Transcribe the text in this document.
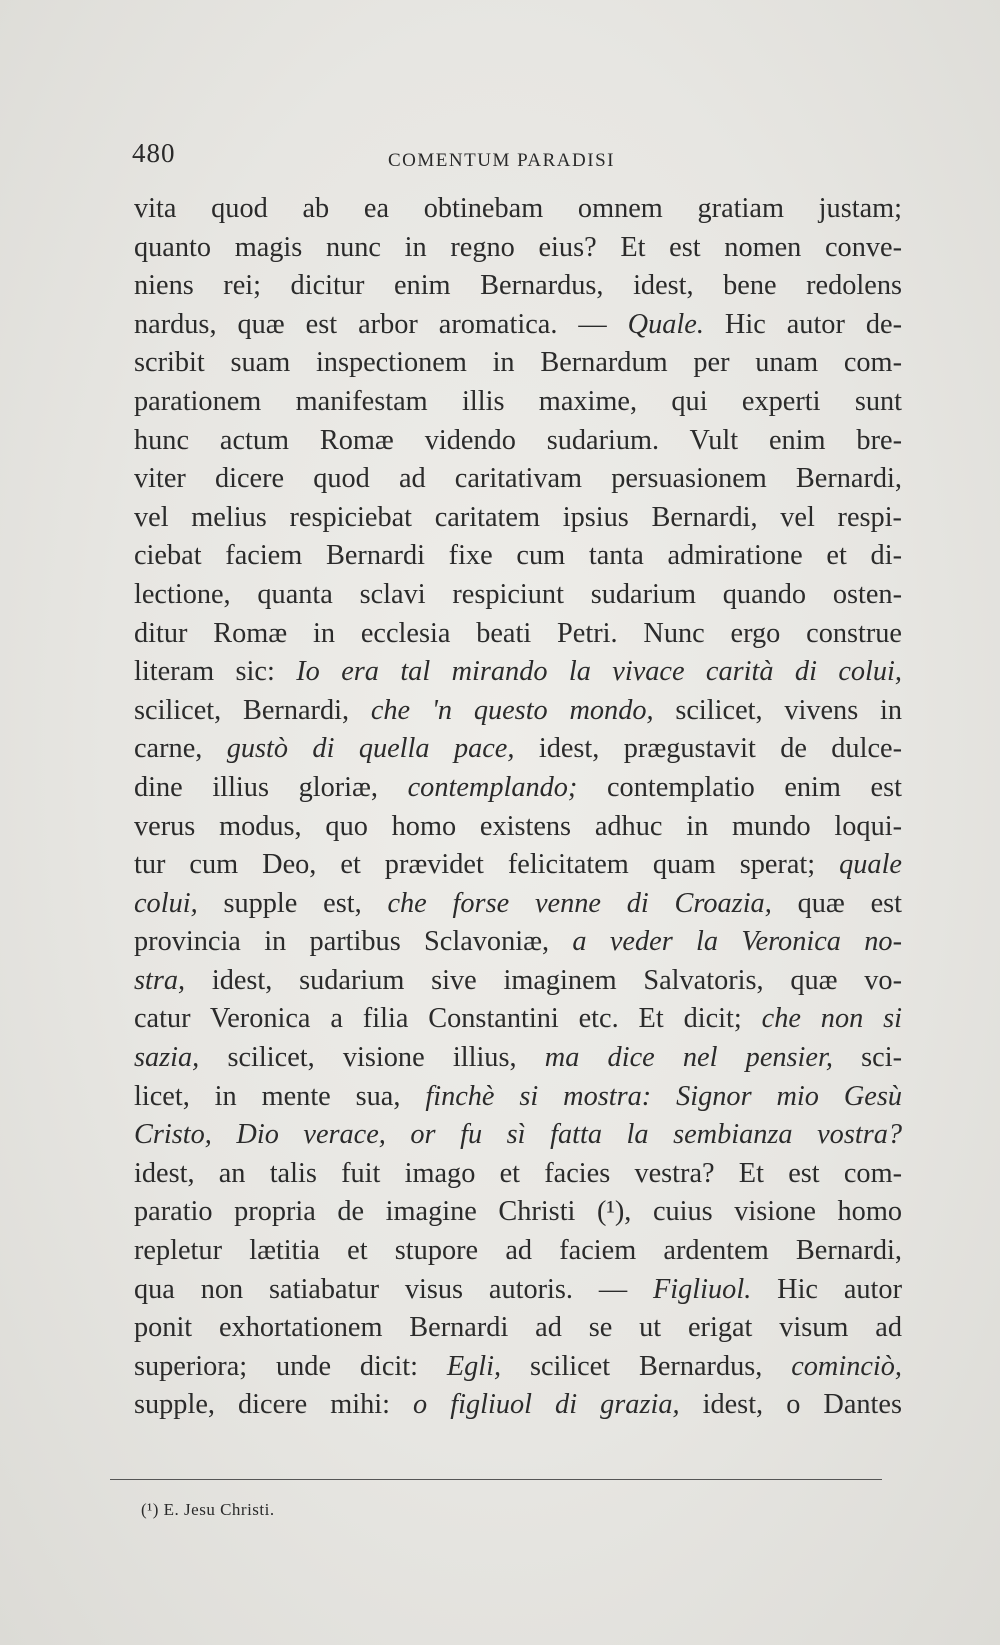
480	COMENTUM PARADISI
vita quod ab ea obtinebam omnem gratiam justam;
quanto magis nunc in regno eius? Et est nomen conve-
niens rei; dicitur enim Bernardus, idest, bene redolens
nardus, quæ est arbor aromatica. — Quale. Hic autor de-
scribit suam inspectionem in Bernardum per unam com-
parationem manifestam illis maxime, qui experti sunt
hunc actum Romæ videndo sudarium. Vult enim bre-
viter dicere quod ad caritativam persuasionem Bernardi,
vel melius respiciebat caritatem ipsius Bernardi, vel respi-
ciebat faciem Bernardi fixe cum tanta admiratione et di-
lectione, quanta sclavi respiciunt sudarium quando osten-
ditur Romæ in ecclesia beati Petri. Nunc ergo construe
literam sic: Io era tal mirando la vivace carità di colui,
scilicet, Bernardi, che 'n questo mondo, scilicet, vivens in
carne, gustò di quella pace, idest, prægustavit de dulce-
dine illius gloriæ, contemplando; contemplatio enim est
verus modus, quo homo existens adhuc in mundo loqui-
tur cum Deo, et prævidet felicitatem quam sperat; quale
colui, supple est, che forse venne di Croazia, quæ est
provincia in partibus Sclavoniæ, a veder la Veronica no-
stra, idest, sudarium sive imaginem Salvatoris, quæ vo-
catur Veronica a filia Constantini etc. Et dicit; che non si
sazia, scilicet, visione illius, ma dice nel pensier, sci-
licet, in mente sua, finchè si mostra: Signor mio Gesù
Cristo, Dio verace, or fu sì fatta la sembianza vostra?
idest, an talis fuit imago et facies vestra? Et est com-
paratio propria de imagine Christi (¹), cuius visione homo
repletur lætitia et stupore ad faciem ardentem Bernardi,
qua non satiabatur visus autoris. — Figliuol. Hic autor
ponit exhortationem Bernardi ad se ut erigat visum ad
superiora; unde dicit: Egli, scilicet Bernardus, cominciò,
supple, dicere mihi: o figliuol di grazia, idest, o Dantes
(¹) E. Jesu Christi.
